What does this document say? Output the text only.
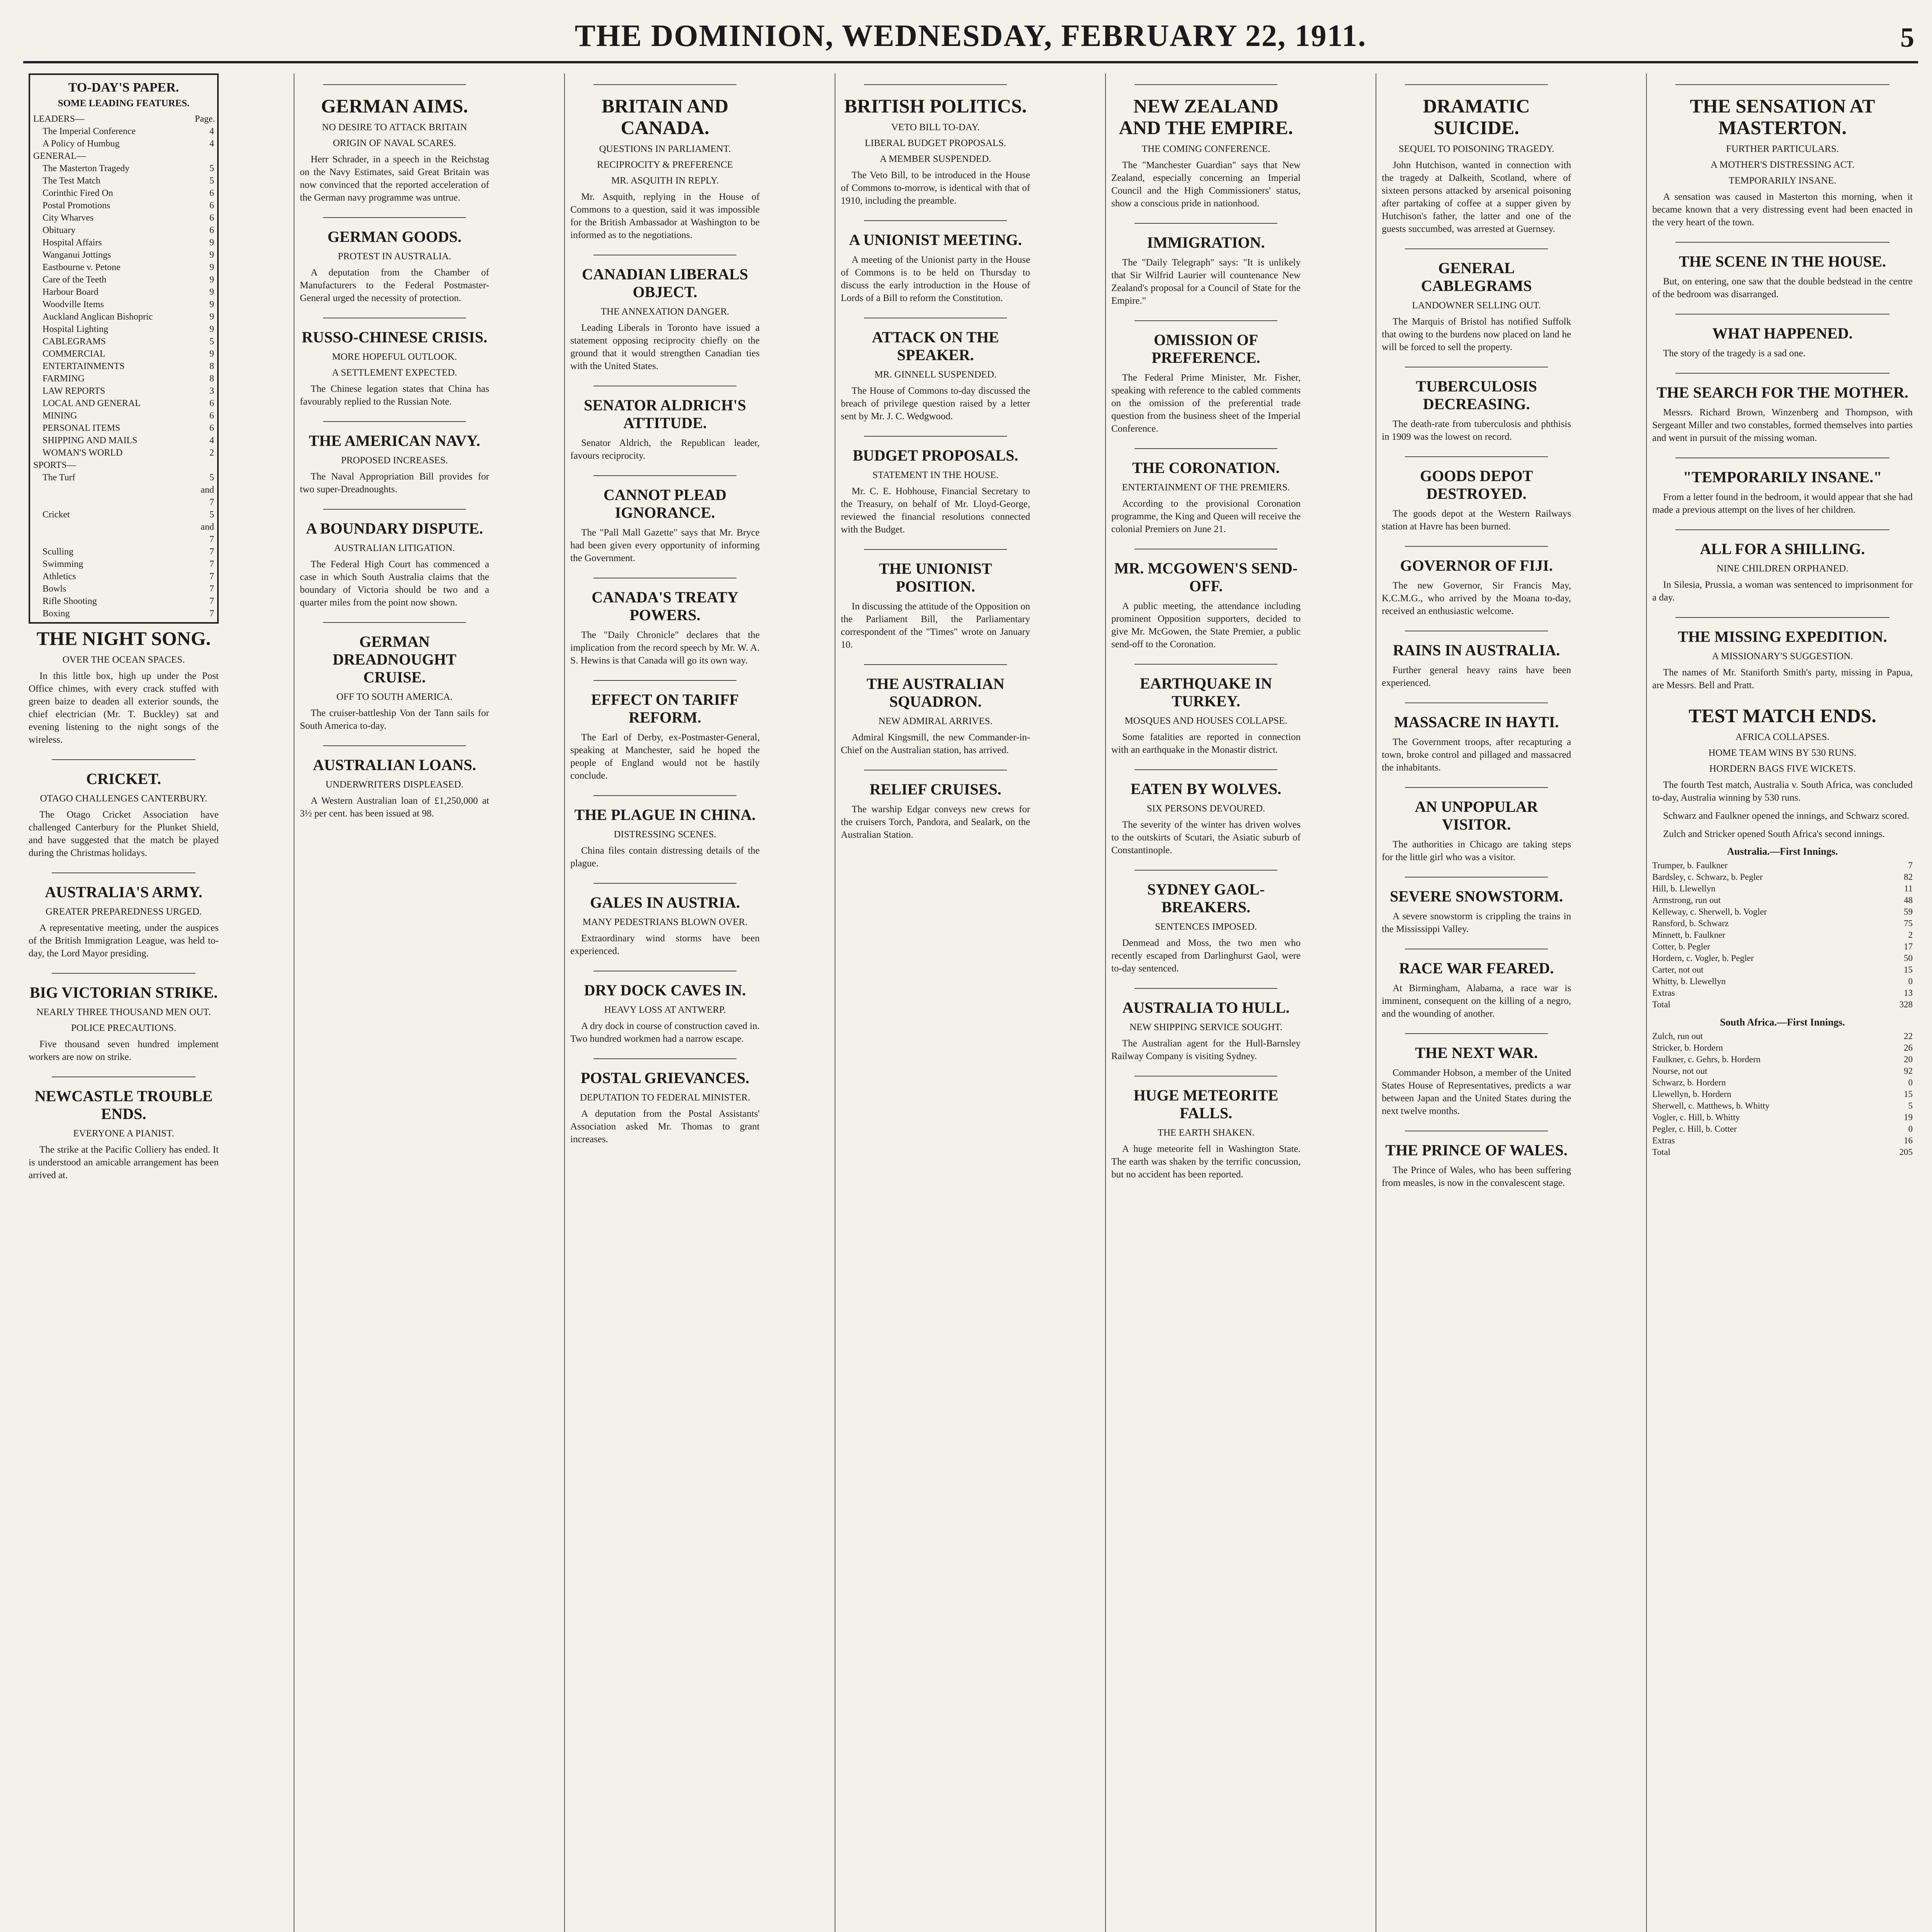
THE DOMINION, WEDNESDAY, FEBRUARY 22, 1911.	5
TO-DAY'S PAPER.
SOME LEADING FEATURES.
LEADERS—	Page.
The Imperial Conference	4
A Policy of Humbug	4
GENERAL—
The Masterton Tragedy	5
The Test Match	5
Corinthic Fired On	6
Postal Promotions	6
City Wharves	6
Obituary	6
Hospital Affairs	9
Wanganui Jottings	9
Eastbourne v. Petone	9
Care of the Teeth	9
Harbour Board	9
Woodville Items	9
Auckland Anglican Bishopric	9
Hospital Lighting	9
CABLEGRAMS	5
COMMERCIAL	9
ENTERTAINMENTS	8
FARMING	8
LAW REPORTS	3
LOCAL AND GENERAL	6
MINING	6
PERSONAL ITEMS	6
SHIPPING AND MAILS	4
WOMAN'S WORLD	2
SPORTS—
The Turf	5 and 7
Cricket	5 and 7
Sculling	7
Swimming	7
Athletics	7
Bowls	7
Rifle Shooting	7
Boxing	7
THE NIGHT SONG.
OVER THE OCEAN SPACES.

In this little box, high up under the Post Office chimes, with every crack stuffed with green baize to deaden all exterior sounds, the chief electrician (Mr. T. Buckley) sat and evening listening to the night songs of the wireless.

CRICKET.
OTAGO CHALLENGES CANTERBURY.

The Otago Cricket Association have challenged Canterbury for the Plunket Shield, and have suggested that the match be played during the Christmas holidays.

AUSTRALIA'S ARMY.
GREATER PREPAREDNESS URGED.

A representative meeting, under the auspices of the British Immigration League, was held to-day, the Lord Mayor presiding.

BIG VICTORIAN STRIKE.
NEARLY THREE THOUSAND MEN OUT.
POLICE PRECAUTIONS.

Five thousand seven hundred implement workers are now on strike.

NEWCASTLE TROUBLE ENDS.
EVERYONE A PIANIST.

The strike at the Pacific Colliery has ended. It is understood an amicable arrangement has been arrived at.

GERMAN AIMS.
NO DESIRE TO ATTACK BRITAIN
ORIGIN OF NAVAL SCARES.

Herr Schrader, in a speech in the Reichstag on the Navy Estimates, said Great Britain was now convinced that the reported acceleration of the German navy programme was untrue.

GERMAN GOODS.
PROTEST IN AUSTRALIA.

A deputation from the Chamber of Manufacturers to the Federal Postmaster-General urged the necessity of protection.

RUSSO-CHINESE CRISIS.
MORE HOPEFUL OUTLOOK.
A SETTLEMENT EXPECTED.

The Chinese legation states that China has favourably replied to the Russian Note.

THE AMERICAN NAVY.
PROPOSED INCREASES.

The Naval Appropriation Bill provides for two super-Dreadnoughts.

A BOUNDARY DISPUTE.
AUSTRALIAN LITIGATION.

The Federal High Court has commenced a case in which South Australia claims that the boundary of Victoria should be two and a quarter miles from the point now shown.

GERMAN DREADNOUGHT CRUISE.
OFF TO SOUTH AMERICA.

The cruiser-battleship Von der Tann sails for South America to-day.

AUSTRALIAN LOANS.
UNDERWRITERS DISPLEASED.

A Western Australian loan of £1,250,000 at 3½ per cent. has been issued at 98.

BRITAIN AND CANADA.
QUESTIONS IN PARLIAMENT.
RECIPROCITY & PREFERENCE
MR. ASQUITH IN REPLY.

Mr. Asquith, replying in the House of Commons to a question, said it was impossible for the British Ambassador at Washington to be informed as to the negotiations.

CANADIAN LIBERALS OBJECT.
THE ANNEXATION DANGER.

Leading Liberals in Toronto have issued a statement opposing reciprocity chiefly on the ground that it would strengthen Canadian ties with the United States.

SENATOR ALDRICH'S ATTITUDE.

Senator Aldrich, the Republican leader, favours reciprocity.

CANNOT PLEAD IGNORANCE.

The "Pall Mall Gazette" says that Mr. Bryce had been given every opportunity of informing the Government.

CANADA'S TREATY POWERS.

The "Daily Chronicle" declares that the implication from the record speech by Mr. W. A. S. Hewins is that Canada will go its own way.

EFFECT ON TARIFF REFORM.

The Earl of Derby, ex-Postmaster-General, speaking at Manchester, said he hoped the people of England would not be hastily conclude.

THE PLAGUE IN CHINA.
DISTRESSING SCENES.

China files contain distressing details of the plague.

GALES IN AUSTRIA.
MANY PEDESTRIANS BLOWN OVER.

Extraordinary wind storms have been experienced.

DRY DOCK CAVES IN.
HEAVY LOSS AT ANTWERP.

A dry dock in course of construction caved in. Two hundred workmen had a narrow escape.

POSTAL GRIEVANCES.
DEPUTATION TO FEDERAL MINISTER.

A deputation from the Postal Assistants' Association asked Mr. Thomas to grant increases.

BRITISH POLITICS.
VETO BILL TO-DAY.
LIBERAL BUDGET PROPOSALS.
A MEMBER SUSPENDED.

The Veto Bill, to be introduced in the House of Commons to-morrow, is identical with that of 1910, including the preamble.

A UNIONIST MEETING.

A meeting of the Unionist party in the House of Commons is to be held on Thursday to discuss the early introduction in the House of Lords of a Bill to reform the Constitution.

ATTACK ON THE SPEAKER.
MR. GINNELL SUSPENDED.

The House of Commons to-day discussed the breach of privilege question raised by a letter sent by Mr. J. C. Wedgwood.

BUDGET PROPOSALS.
STATEMENT IN THE HOUSE.

Mr. C. E. Hobhouse, Financial Secretary to the Treasury, on behalf of Mr. Lloyd-George, reviewed the financial resolutions connected with the Budget.

THE UNIONIST POSITION.

In discussing the attitude of the Opposition on the Parliament Bill, the Parliamentary correspondent of the "Times" wrote on January 10.

THE AUSTRALIAN SQUADRON.
NEW ADMIRAL ARRIVES.

Admiral Kingsmill, the new Commander-in-Chief on the Australian station, has arrived.

RELIEF CRUISES.

The warship Edgar conveys new crews for the cruisers Torch, Pandora, and Sealark, on the Australian Station.

NEW ZEALAND AND THE EMPIRE.
THE COMING CONFERENCE.

The "Manchester Guardian" says that New Zealand, especially concerning an Imperial Council and the High Commissioners' status, show a conscious pride in nationhood.

IMMIGRATION.

The "Daily Telegraph" says: "It is unlikely that Sir Wilfrid Laurier will countenance New Zealand's proposal for a Council of State for the Empire."

OMISSION OF PREFERENCE.

The Federal Prime Minister, Mr. Fisher, speaking with reference to the cabled comments on the omission of the preferential trade question from the business sheet of the Imperial Conference.

THE CORONATION.
ENTERTAINMENT OF THE PREMIERS.

According to the provisional Coronation programme, the King and Queen will receive the colonial Premiers on June 21.

MR. MCGOWEN'S SEND-OFF.

A public meeting, the attendance including prominent Opposition supporters, decided to give Mr. McGowen, the State Premier, a public send-off to the Coronation.

EARTHQUAKE IN TURKEY.
MOSQUES AND HOUSES COLLAPSE.

Some fatalities are reported in connection with an earthquake in the Monastir district.

EATEN BY WOLVES.
SIX PERSONS DEVOURED.

The severity of the winter has driven wolves to the outskirts of Scutari, the Asiatic suburb of Constantinople.

SYDNEY GAOL-BREAKERS.
SENTENCES IMPOSED.

Denmead and Moss, the two men who recently escaped from Darlinghurst Gaol, were to-day sentenced.

AUSTRALIA TO HULL.
NEW SHIPPING SERVICE SOUGHT.

The Australian agent for the Hull-Barnsley Railway Company is visiting Sydney.

HUGE METEORITE FALLS.
THE EARTH SHAKEN.

A huge meteorite fell in Washington State. The earth was shaken by the terrific concussion, but no accident has been reported.

DRAMATIC SUICIDE.
SEQUEL TO POISONING TRAGEDY.

John Hutchison, wanted in connection with the tragedy at Dalkeith, Scotland, where of sixteen persons attacked by arsenical poisoning after partaking of coffee at a supper given by Hutchison's father, the latter and one of the guests succumbed, was arrested at Guernsey.

GENERAL CABLEGRAMS
LANDOWNER SELLING OUT.

The Marquis of Bristol has notified Suffolk that owing to the burdens now placed on land he will be forced to sell the property.

TUBERCULOSIS DECREASING.

The death-rate from tuberculosis and phthisis in 1909 was the lowest on record.

GOODS DEPOT DESTROYED.

The goods depot at the Western Railways station at Havre has been burned.

GOVERNOR OF FIJI.

The new Governor, Sir Francis May, K.C.M.G., who arrived by the Moana to-day, received an enthusiastic welcome.

RAINS IN AUSTRALIA.

Further general heavy rains have been experienced.

MASSACRE IN HAYTI.

The Government troops, after recapturing a town, broke control and pillaged and massacred the inhabitants.

AN UNPOPULAR VISITOR.

The authorities in Chicago are taking steps for the little girl who was a visitor.

SEVERE SNOWSTORM.

A severe snowstorm is crippling the trains in the Mississippi Valley.

RACE WAR FEARED.

At Birmingham, Alabama, a race war is imminent, consequent on the killing of a negro, and the wounding of another.

THE NEXT WAR.

Commander Hobson, a member of the United States House of Representatives, predicts a war between Japan and the United States during the next twelve months.

THE PRINCE OF WALES.

The Prince of Wales, who has been suffering from measles, is now in the convalescent stage.

THE SENSATION AT MASTERTON.
FURTHER PARTICULARS.
A MOTHER'S DISTRESSING ACT.
TEMPORARILY INSANE.

A sensation was caused in Masterton this morning, when it became known that a very distressing event had been enacted in the very heart of the town.

THE SCENE IN THE HOUSE.

But, on entering, one saw that the double bedstead in the centre of the bedroom was disarranged.

WHAT HAPPENED.

The story of the tragedy is a sad one.

THE SEARCH FOR THE MOTHER.

Messrs. Richard Brown, Winzenberg and Thompson, with Sergeant Miller and two constables, formed themselves into parties and went in pursuit of the missing woman.

"TEMPORARILY INSANE."

From a letter found in the bedroom, it would appear that she had made a previous attempt on the lives of her children.

ALL FOR A SHILLING.
NINE CHILDREN ORPHANED.

In Silesia, Prussia, a woman was sentenced to imprisonment for a day.

THE MISSING EXPEDITION.
A MISSIONARY'S SUGGESTION.

The names of Mr. Staniforth Smith's party, missing in Papua, are Messrs. Bell and Pratt.

TEST MATCH ENDS.
AFRICA COLLAPSES.
HOME TEAM WINS BY 530 RUNS.
HORDERN BAGS FIVE WICKETS.

The fourth Test match, Australia v. South Africa, was concluded to-day, Australia winning by 530 runs.

Schwarz and Faulkner opened the innings, and Schwarz scored.

Zulch and Stricker opened South Africa's second innings.

Australia.—First Innings.
Trumper, b. Faulkner	7
Bardsley, c. Schwarz, b. Pegler	82
Hill, b. Llewellyn	11
Armstrong, run out	48
Kelleway, c. Sherwell, b. Vogler	59
Ransford, b. Schwarz	75
Minnett, b. Faulkner	2
Cotter, b. Pegler	17
Hordern, c. Vogler, b. Pegler	50
Carter, not out	15
Whitty, b. Llewellyn	0
Extras	13
Total	328
South Africa.—First Innings.
Zulch, run out	22
Stricker, b. Hordern	26
Faulkner, c. Gehrs, b. Hordern	20
Nourse, not out	92
Schwarz, b. Hordern	0
Llewellyn, b. Hordern	15
Sherwell, c. Matthews, b. Whitty	5
Vogler, c. Hill, b. Whitty	19
Pegler, c. Hill, b. Cotter	0
Extras	16
Total	205
